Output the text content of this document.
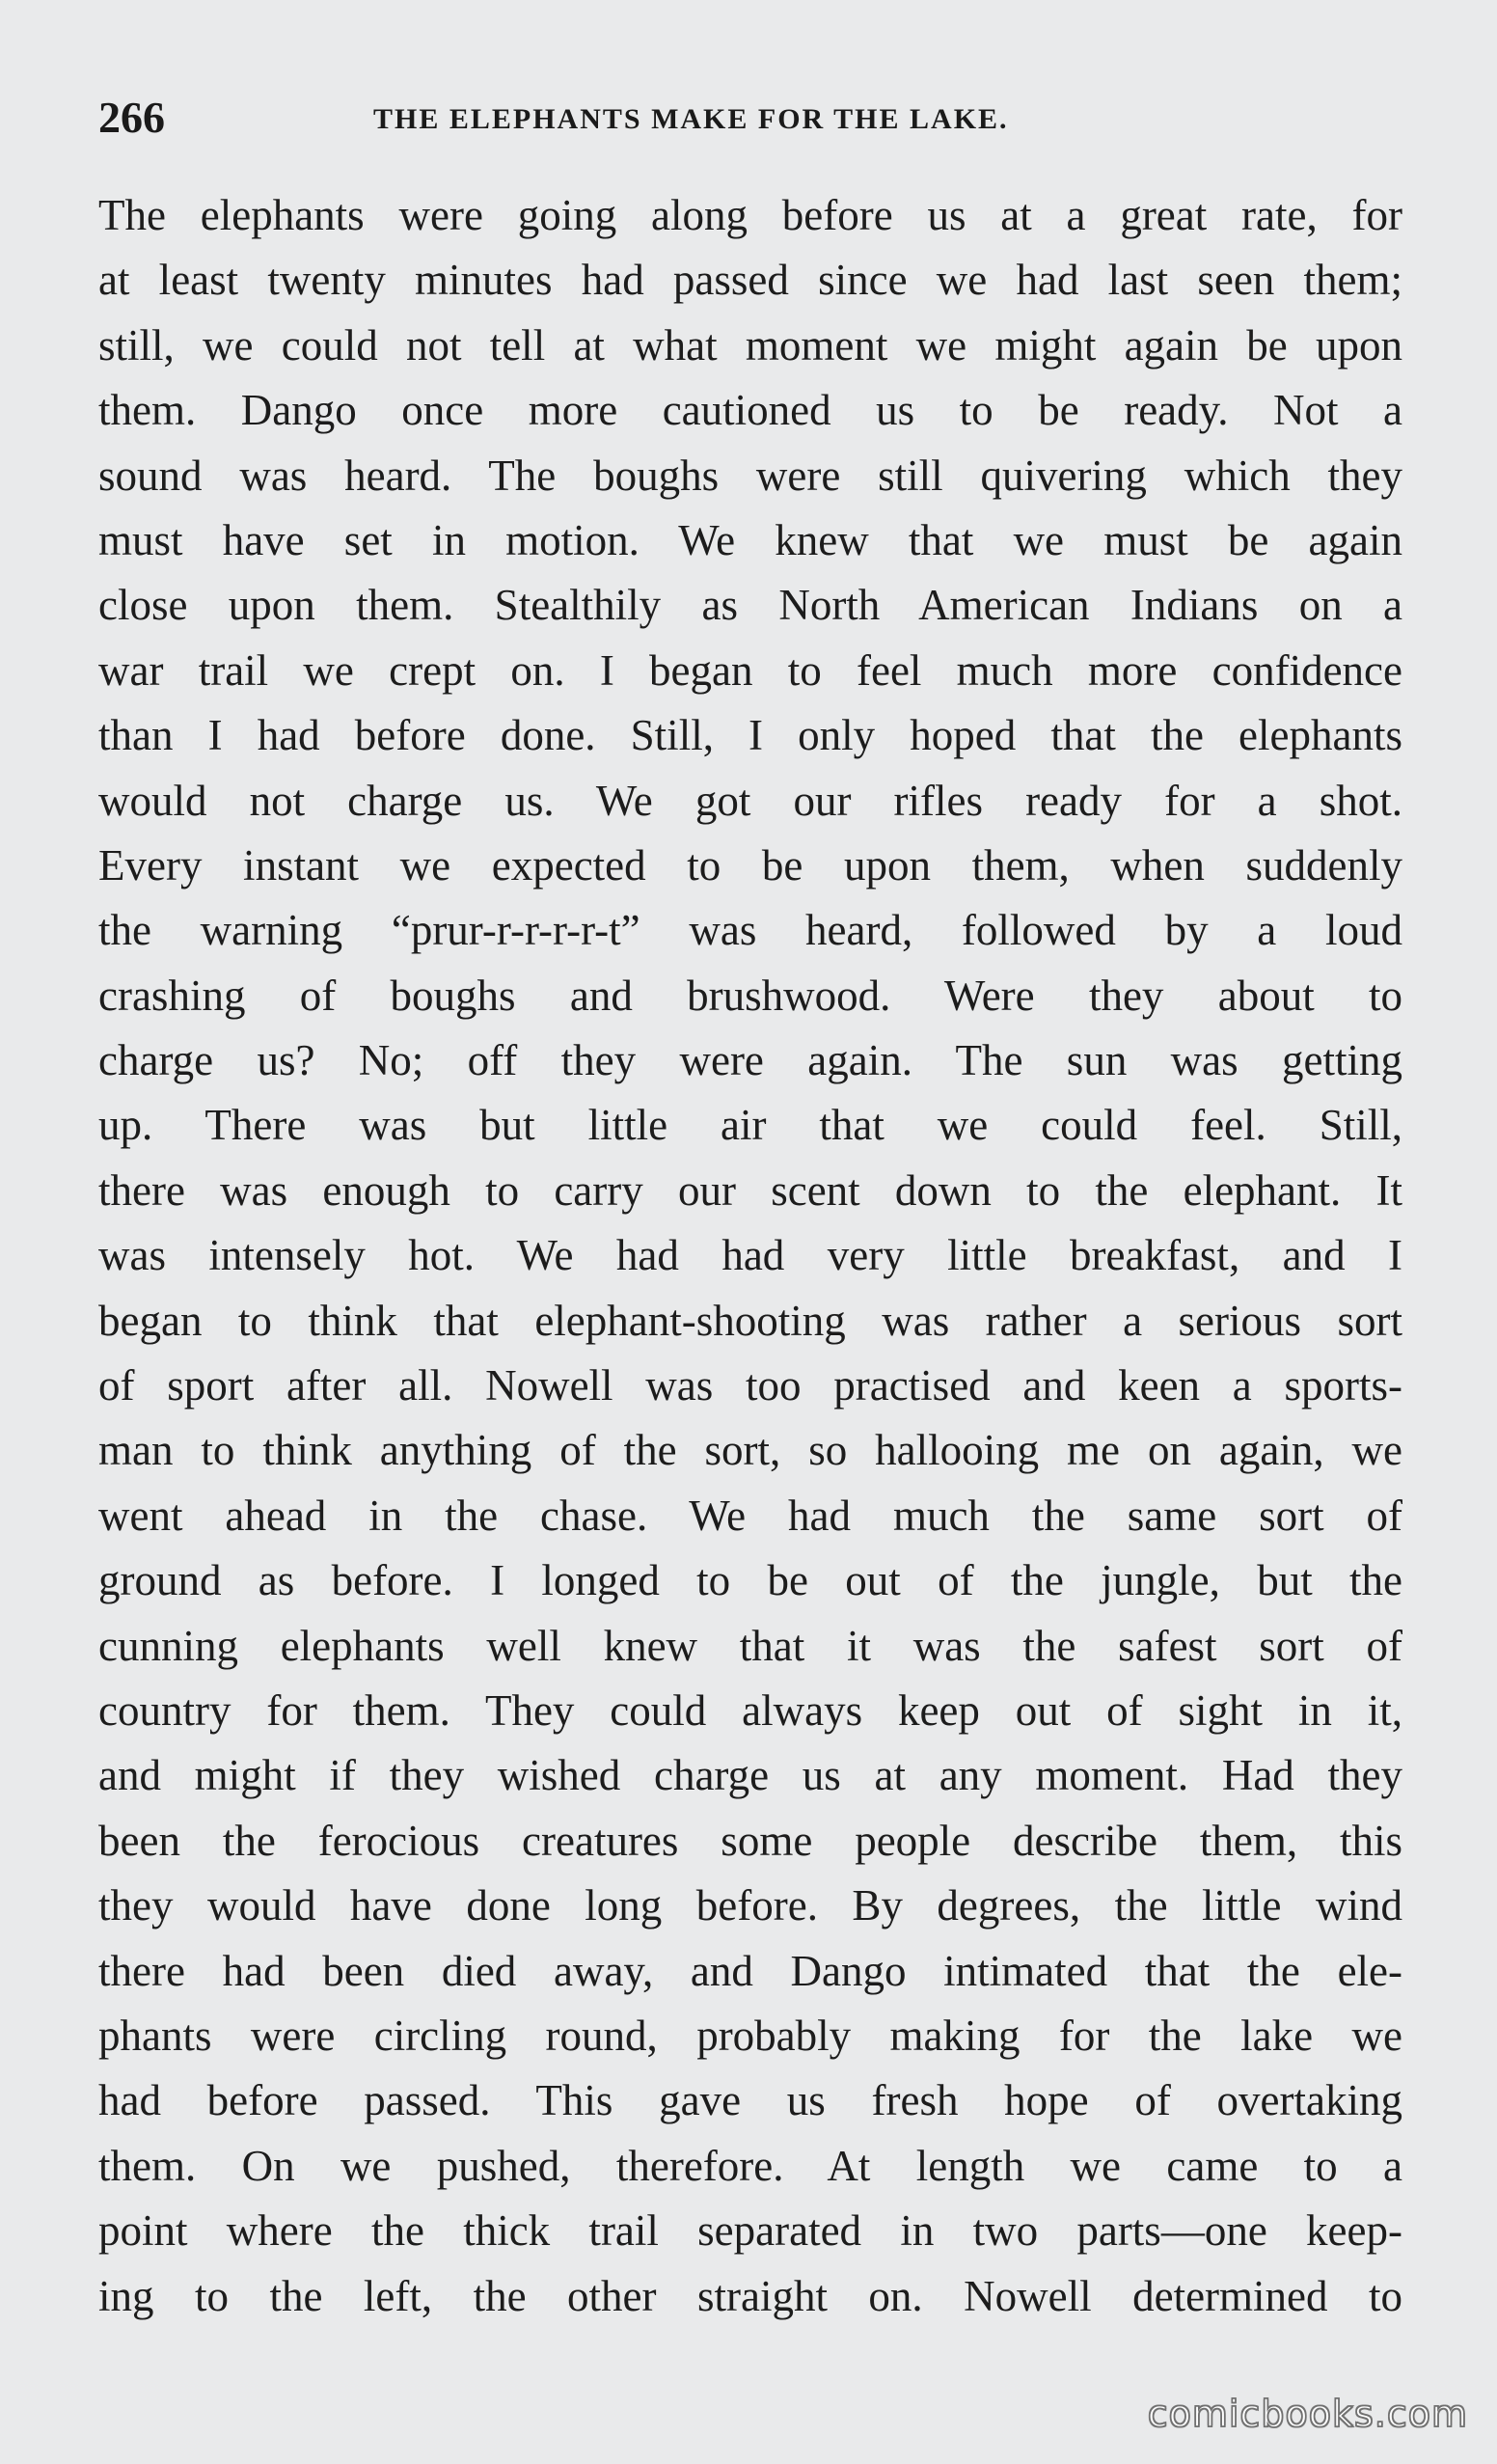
266	THE ELEPHANTS MAKE FOR THE LAKE.
The elephants were going along before us at a great rate, for
at least twenty minutes had passed since we had last seen them;
still, we could not tell at what moment we might again be upon
them. Dango once more cautioned us to be ready. Not a
sound was heard. The boughs were still quivering which they
must have set in motion. We knew that we must be again
close upon them. Stealthily as North American Indians on a
war trail we crept on. I began to feel much more confidence
than I had before done. Still, I only hoped that the elephants
would not charge us. We got our rifles ready for a shot.
Every instant we expected to be upon them, when suddenly
the warning “prur-r-r-r-r-t” was heard, followed by a loud
crashing of boughs and brushwood. Were they about to
charge us? No; off they were again. The sun was getting
up. There was but little air that we could feel. Still,
there was enough to carry our scent down to the elephant. It
was intensely hot. We had had very little breakfast, and I
began to think that elephant-shooting was rather a serious sort
of sport after all. Nowell was too practised and keen a sports-
man to think anything of the sort, so hallooing me on again, we
went ahead in the chase. We had much the same sort of
ground as before. I longed to be out of the jungle, but the
cunning elephants well knew that it was the safest sort of
country for them. They could always keep out of sight in it,
and might if they wished charge us at any moment. Had they
been the ferocious creatures some people describe them, this
they would have done long before. By degrees, the little wind
there had been died away, and Dango intimated that the ele-
phants were circling round, probably making for the lake we
had before passed. This gave us fresh hope of overtaking
them. On we pushed, therefore. At length we came to a
point where the thick trail separated in two parts—one keep-
ing to the left, the other straight on. Nowell determined to
comicbooks.com
